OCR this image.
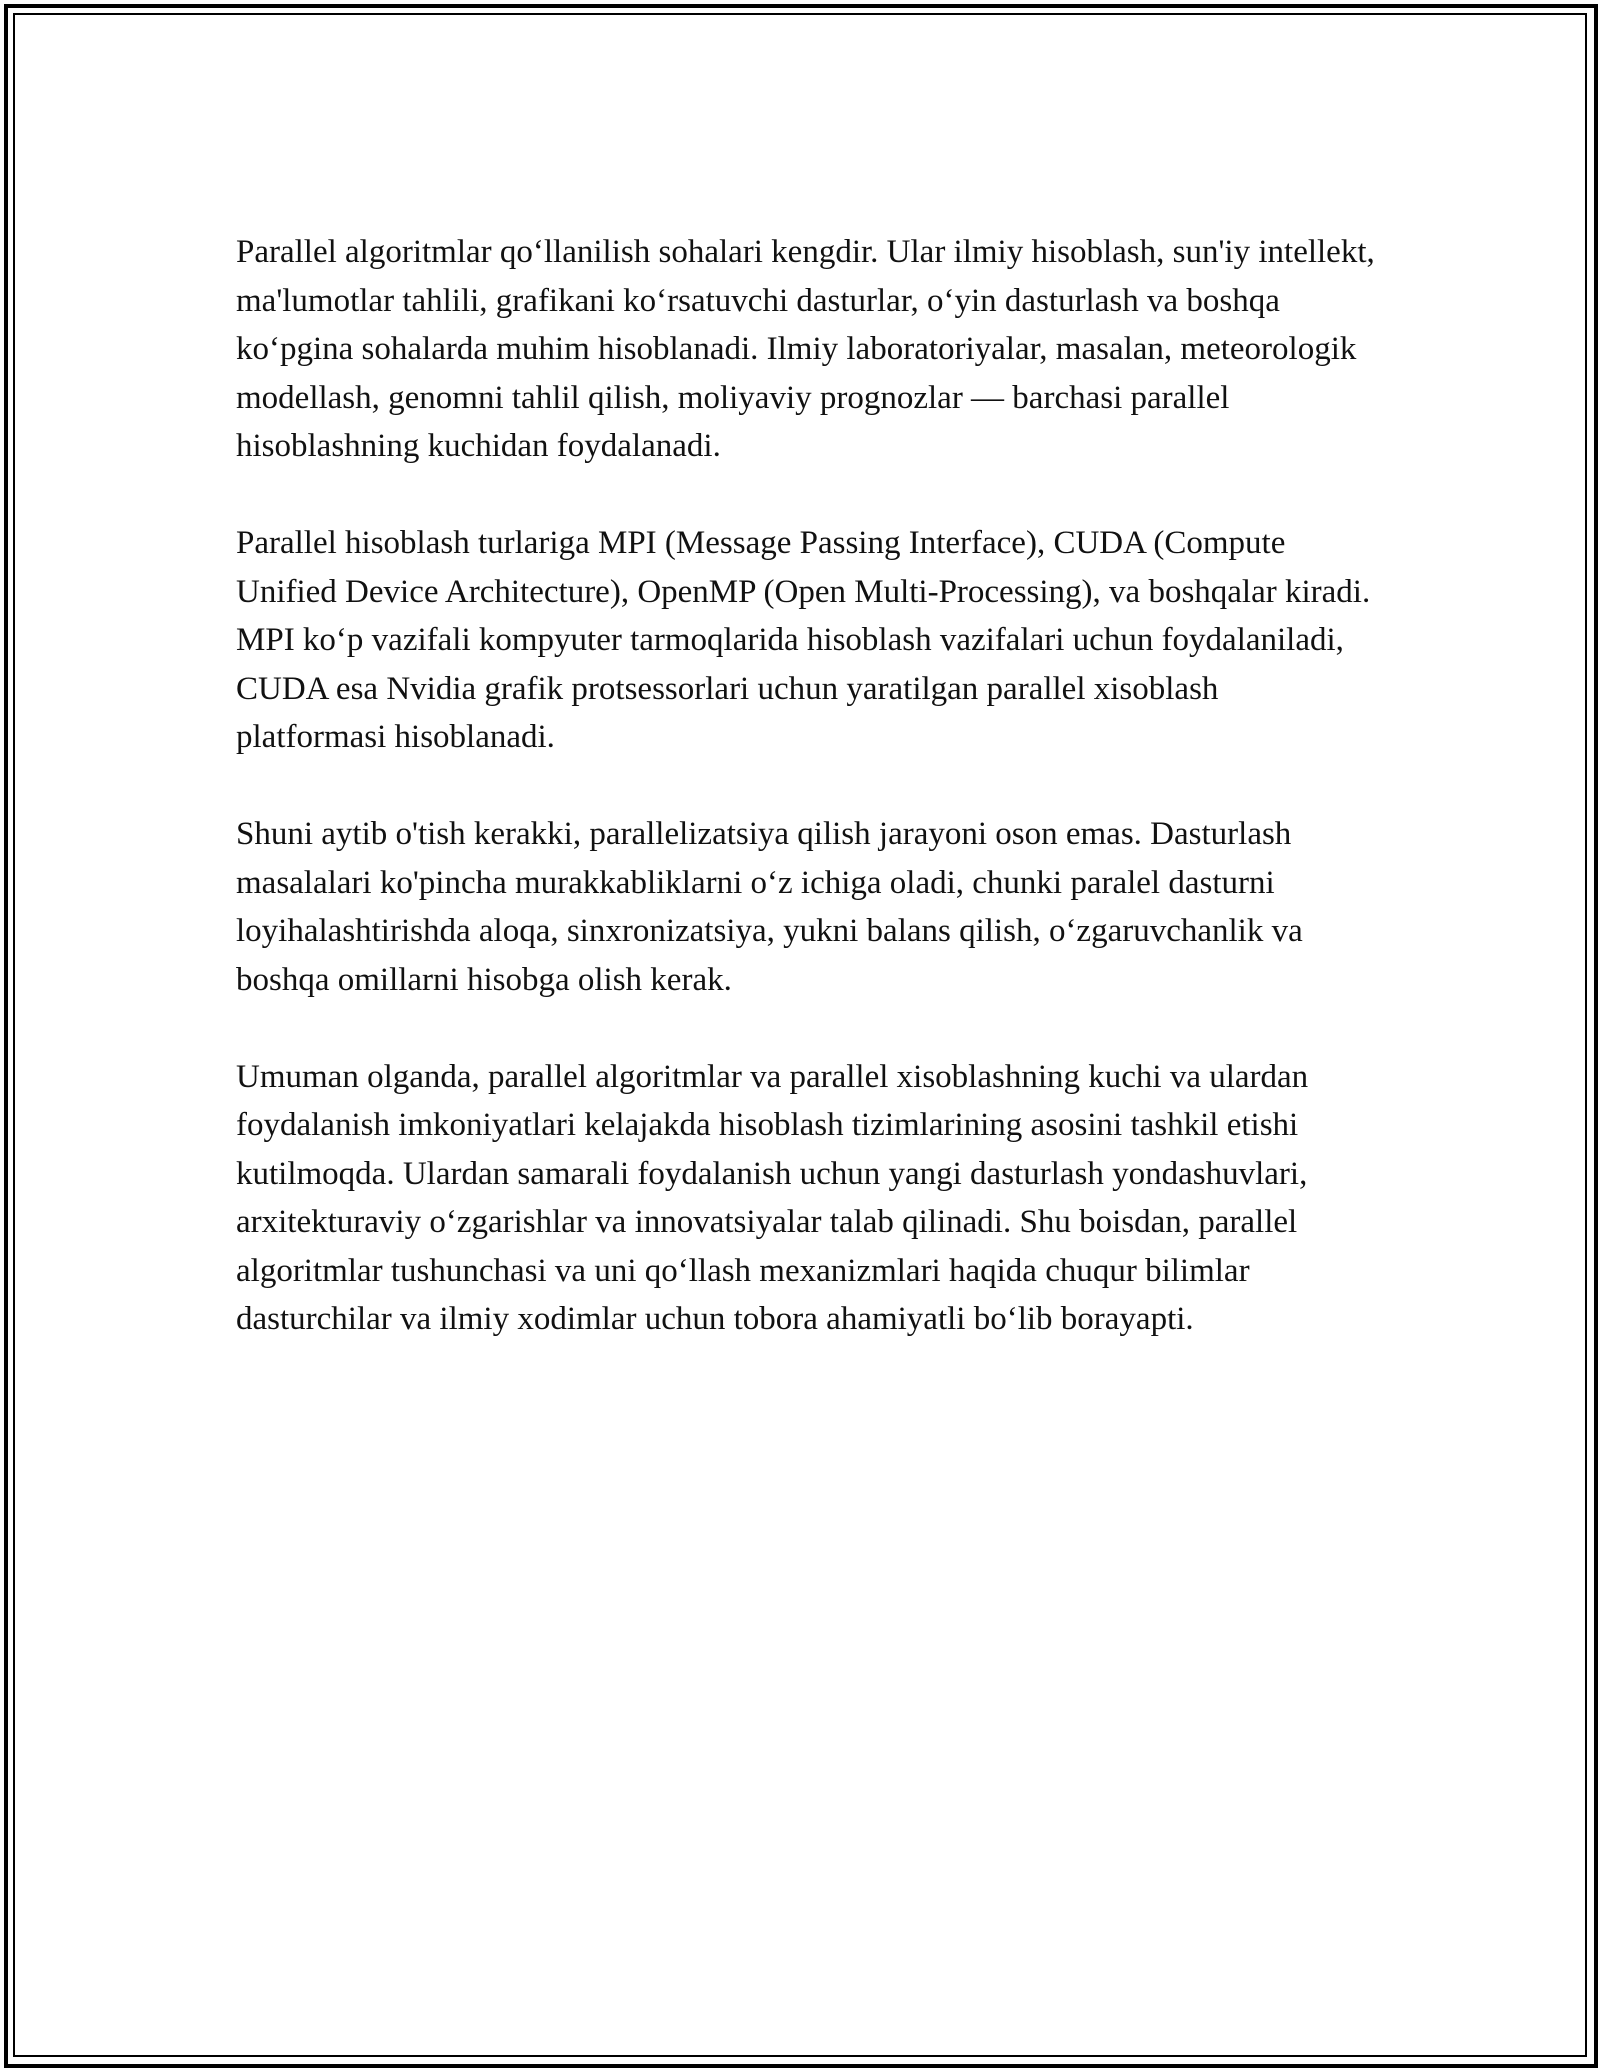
Parallel algoritmlar qo‘llanilish sohalari kengdir. Ular ilmiy hisoblash, sun'iy intellekt, ma'lumotlar tahlili, grafikani ko‘rsatuvchi dasturlar, o‘yin dasturlash va boshqa ko‘pgina sohalarda muhim hisoblanadi. Ilmiy laboratoriyalar, masalan, meteorologik modellash, genomni tahlil qilish, moliyaviy prognozlar — barchasi parallel hisoblashning kuchidan foydalanadi.

Parallel hisoblash turlariga MPI (Message Passing Interface), CUDA (Compute Unified Device Architecture), OpenMP (Open Multi-Processing), va boshqalar kiradi. MPI ko‘p vazifali kompyuter tarmoqlarida hisoblash vazifalari uchun foydalaniladi, CUDA esa Nvidia grafik protsessorlari uchun yaratilgan parallel xisoblash platformasi hisoblanadi.

Shuni aytib o'tish kerakki, parallelizatsiya qilish jarayoni oson emas. Dasturlash masalalari ko'pincha murakkabliklarni o‘z ichiga oladi, chunki paralel dasturni loyihalashtirishda aloqa, sinxronizatsiya, yukni balans qilish, o‘zgaruvchanlik va boshqa omillarni hisobga olish kerak.

Umuman olganda, parallel algoritmlar va parallel xisoblashning kuchi va ulardan foydalanish imkoniyatlari kelajakda hisoblash tizimlarining asosini tashkil etishi kutilmoqda. Ulardan samarali foydalanish uchun yangi dasturlash yondashuvlari, arxitekturaviy o‘zgarishlar va innovatsiyalar talab qilinadi. Shu boisdan, parallel algoritmlar tushunchasi va uni qo‘llash mexanizmlari haqida chuqur bilimlar dasturchilar va ilmiy xodimlar uchun tobora ahamiyatli bo‘lib borayapti.
